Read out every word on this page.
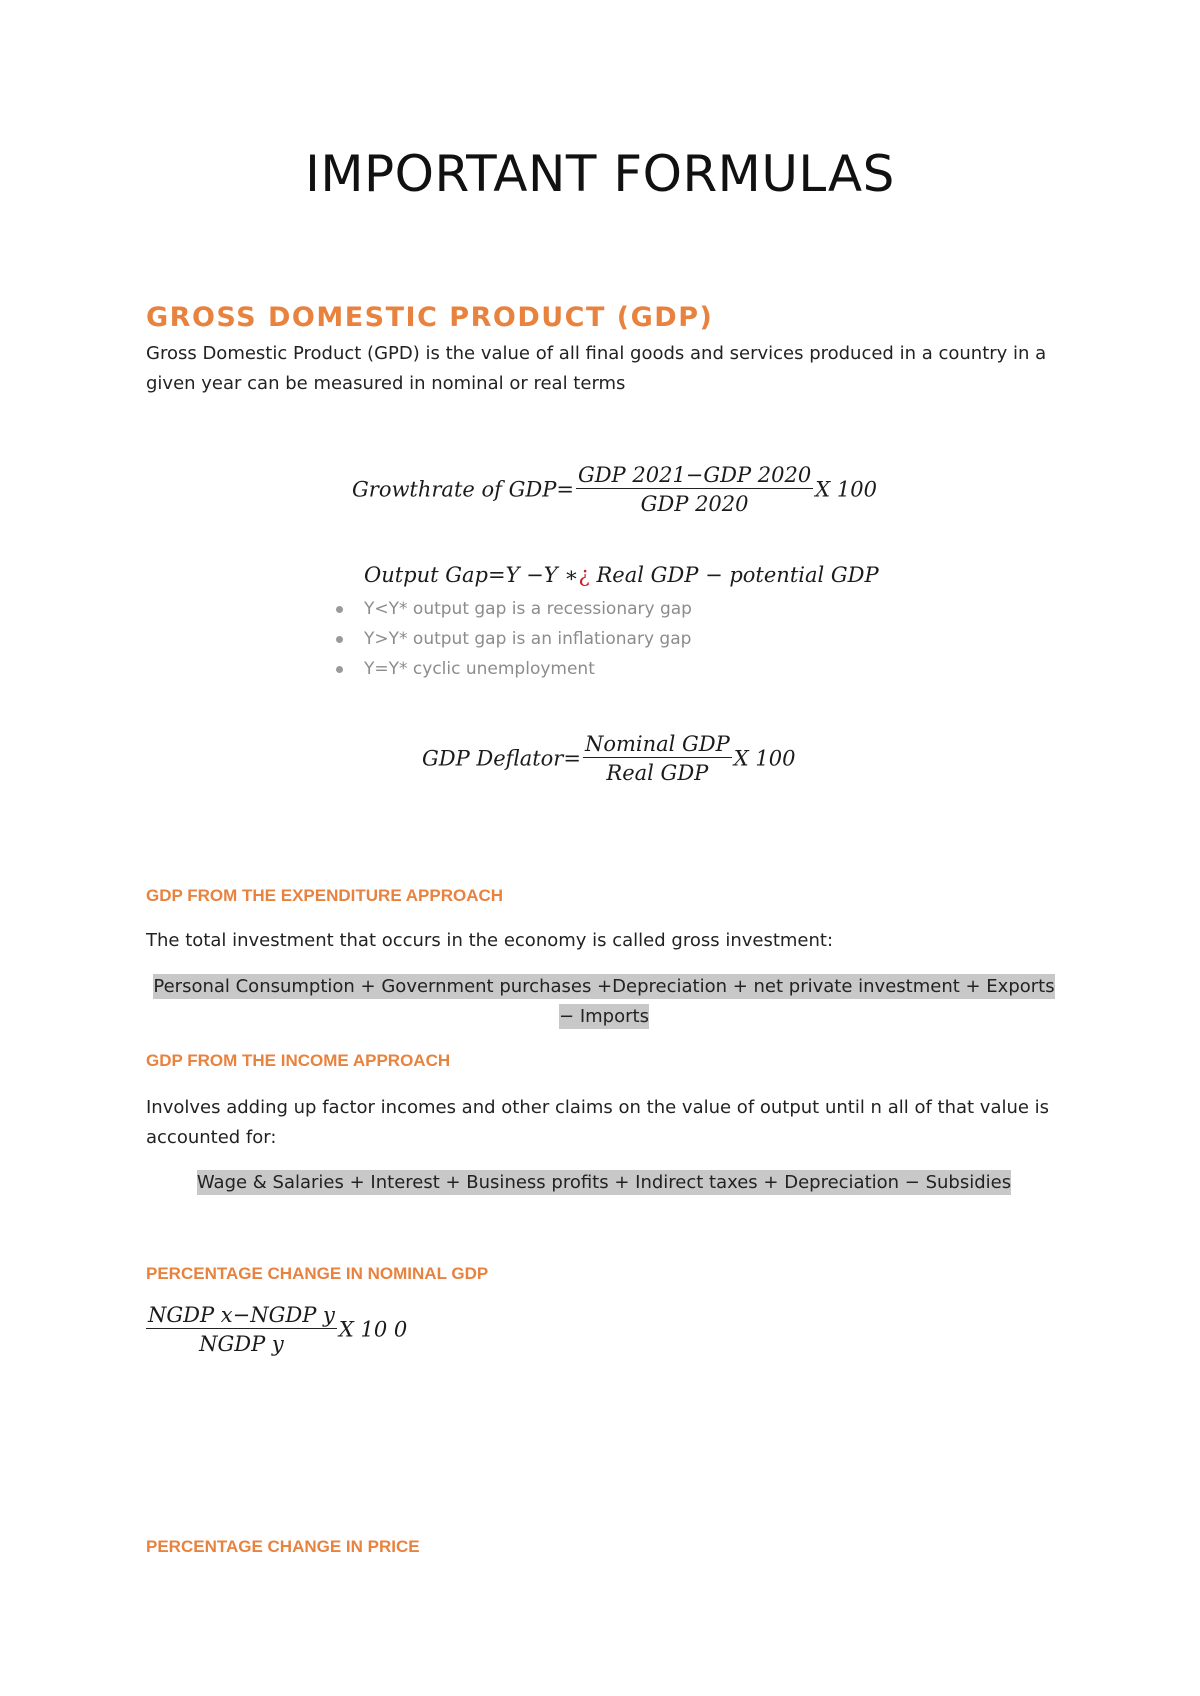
IMPORTANT FORMULAS
GROSS DOMESTIC PRODUCT (GDP)

Gross Domestic Product (GPD) is the value of all final goods and services produced in a country in a given year can be measured in nominal or real terms

Growthrate of $GDP= \frac{\text{GDP 2021−GDP 2020}}{\text{GDP 2020}}$ X 100
Output Gap=Y −Y ∗¿ Real GDP − potential GDP
Y<Y* output gap is a recessionary gap
Y>Y* output gap is an inflationary gap
Y=Y* cyclic unemployment
GDP Deflator= $\frac{\text{Nominal GDP}}{\text{Real GDP}}$ X 100
GDP FROM THE EXPENDITURE APPROACH

The total investment that occurs in the economy is called gross investment:

Personal Consumption + Government purchases +Depreciation + net private investment + Exports − Imports

GDP FROM THE INCOME APPROACH

Involves adding up factor incomes and other claims on the value of output until n all of that value is accounted for:

Wage & Salaries + Interest + Business profits + Indirect taxes + Depreciation − Subsidies

PERCENTAGE CHANGE IN NOMINAL GDP
$\frac{\text{NGDP x−NGDP y}}{\text{NGDP y}}$ X 10 0
PERCENTAGE CHANGE IN PRICE
